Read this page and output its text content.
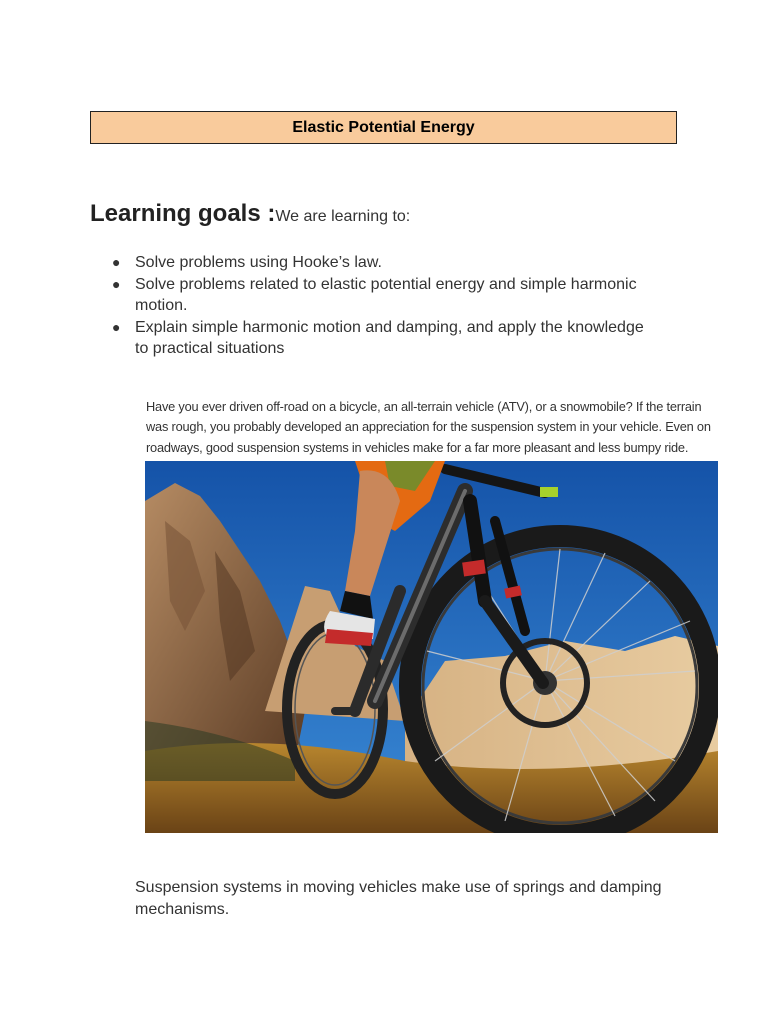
Elastic Potential Energy
Learning goals :We are learning to:
● Solve problems using Hooke’s law.
● Solve problems related to elastic potential energy and simple harmonic motion.
● Explain simple harmonic motion and damping, and apply the knowledge to practical situations

Have you ever driven off-road on a bicycle, an all-terrain vehicle (ATV), or a snowmobile? If the terrain was rough, you probably developed an appreciation for the suspension system in your vehicle. Even on roadways, good suspension systems in vehicles make for a far more pleasant and less bumpy ride.

Suspension systems in moving vehicles make use of springs and damping mechanisms.
